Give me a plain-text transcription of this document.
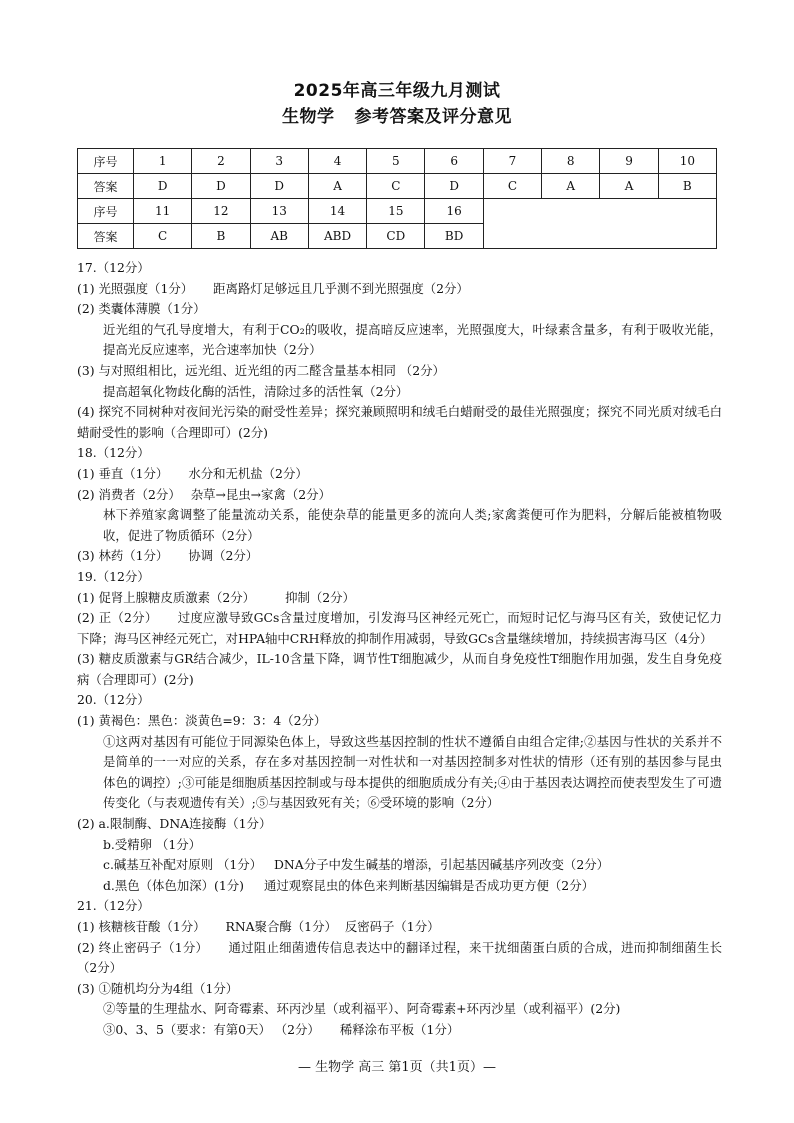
2025年高三年级九月测试
生物学 参考答案及评分意见
序号	1	2	3	4	5	6	7	8	9	10
答案	D	D	D	A	C	D	C	A	A	B
序号	11	12	13	14	15	16				
答案	C	B	AB	ABD	CD	BD				
17.（12分）
(1) 光照强度（1分） 距离路灯足够远且几乎测不到光照强度（2分）
(2) 类囊体薄膜（1分）
近光组的气孔导度增大，有利于CO₂的吸收，提高暗反应速率，光照强度大，叶绿素含量多，有利于吸收光能，提高光反应速率，光合速率加快（2分）
(3) 与对照组相比，远光组、近光组的丙二醛含量基本相同 （2分）
提高超氧化物歧化酶的活性，清除过多的活性氧（2分）
(4) 探究不同树种对夜间光污染的耐受性差异；探究兼顾照明和绒毛白蜡耐受的最佳光照强度；探究不同光质对绒毛白蜡耐受性的影响（合理即可）(2分)
18.（12分）
(1) 垂直（1分） 水分和无机盐（2分）
(2) 消费者（2分） 杂草→昆虫→家禽（2分）
林下养殖家禽调整了能量流动关系，能使杂草的能量更多的流向人类;家禽粪便可作为肥料，分解后能被植物吸收，促进了物质循环（2分）
(3) 林药（1分） 协调（2分）
19.（12分）
(1) 促肾上腺糖皮质激素（2分） 抑制（2分）
(2) 正（2分） 过度应激导致GCs含量过度增加，引发海马区神经元死亡，而短时记忆与海马区有关，致使记忆力下降；海马区神经元死亡，对HPA轴中CRH释放的抑制作用减弱，导致GCs含量继续增加，持续损害海马区（4分）
(3) 糖皮质激素与GR结合减少，IL-10含量下降，调节性T细胞减少，从而自身免疫性T细胞作用加强，发生自身免疫病（合理即可）(2分)
20.（12分）
(1) 黄褐色：黑色：淡黄色=9：3：4（2分）
①这两对基因有可能位于同源染色体上，导致这些基因控制的性状不遵循自由组合定律;②基因与性状的关系并不是简单的一一对应的关系，存在多对基因控制一对性状和一对基因控制多对性状的情形（还有别的基因参与昆虫体色的调控）;③可能是细胞质基因控制或与母本提供的细胞质成分有关;④由于基因表达调控而使表型发生了可遗传变化（与表观遗传有关）;⑤与基因致死有关；⑥受环境的影响（2分）
(2) a.限制酶、DNA连接酶（1分）
b.受精卵 （1分）
c.碱基互补配对原则 （1分） DNA分子中发生碱基的增添，引起基因碱基序列改变（2分）
d.黑色（体色加深）(1分) 通过观察昆虫的体色来判断基因编辑是否成功更方便（2分）
21.（12分）
(1) 核糖核苷酸（1分） RNA聚合酶（1分） 反密码子（1分）
(2) 终止密码子（1分） 通过阻止细菌遗传信息表达中的翻译过程，来干扰细菌蛋白质的合成，进而抑制细菌生长（2分）
(3) ①随机均分为4组（1分）
②等量的生理盐水、阿奇霉素、环丙沙星（或利福平）、阿奇霉素+环丙沙星（或利福平）(2分)
③0、3、5（要求：有第0天） （2分） 稀释涂布平板（1分）
— 生物学 高三 第1页（共1页）—
